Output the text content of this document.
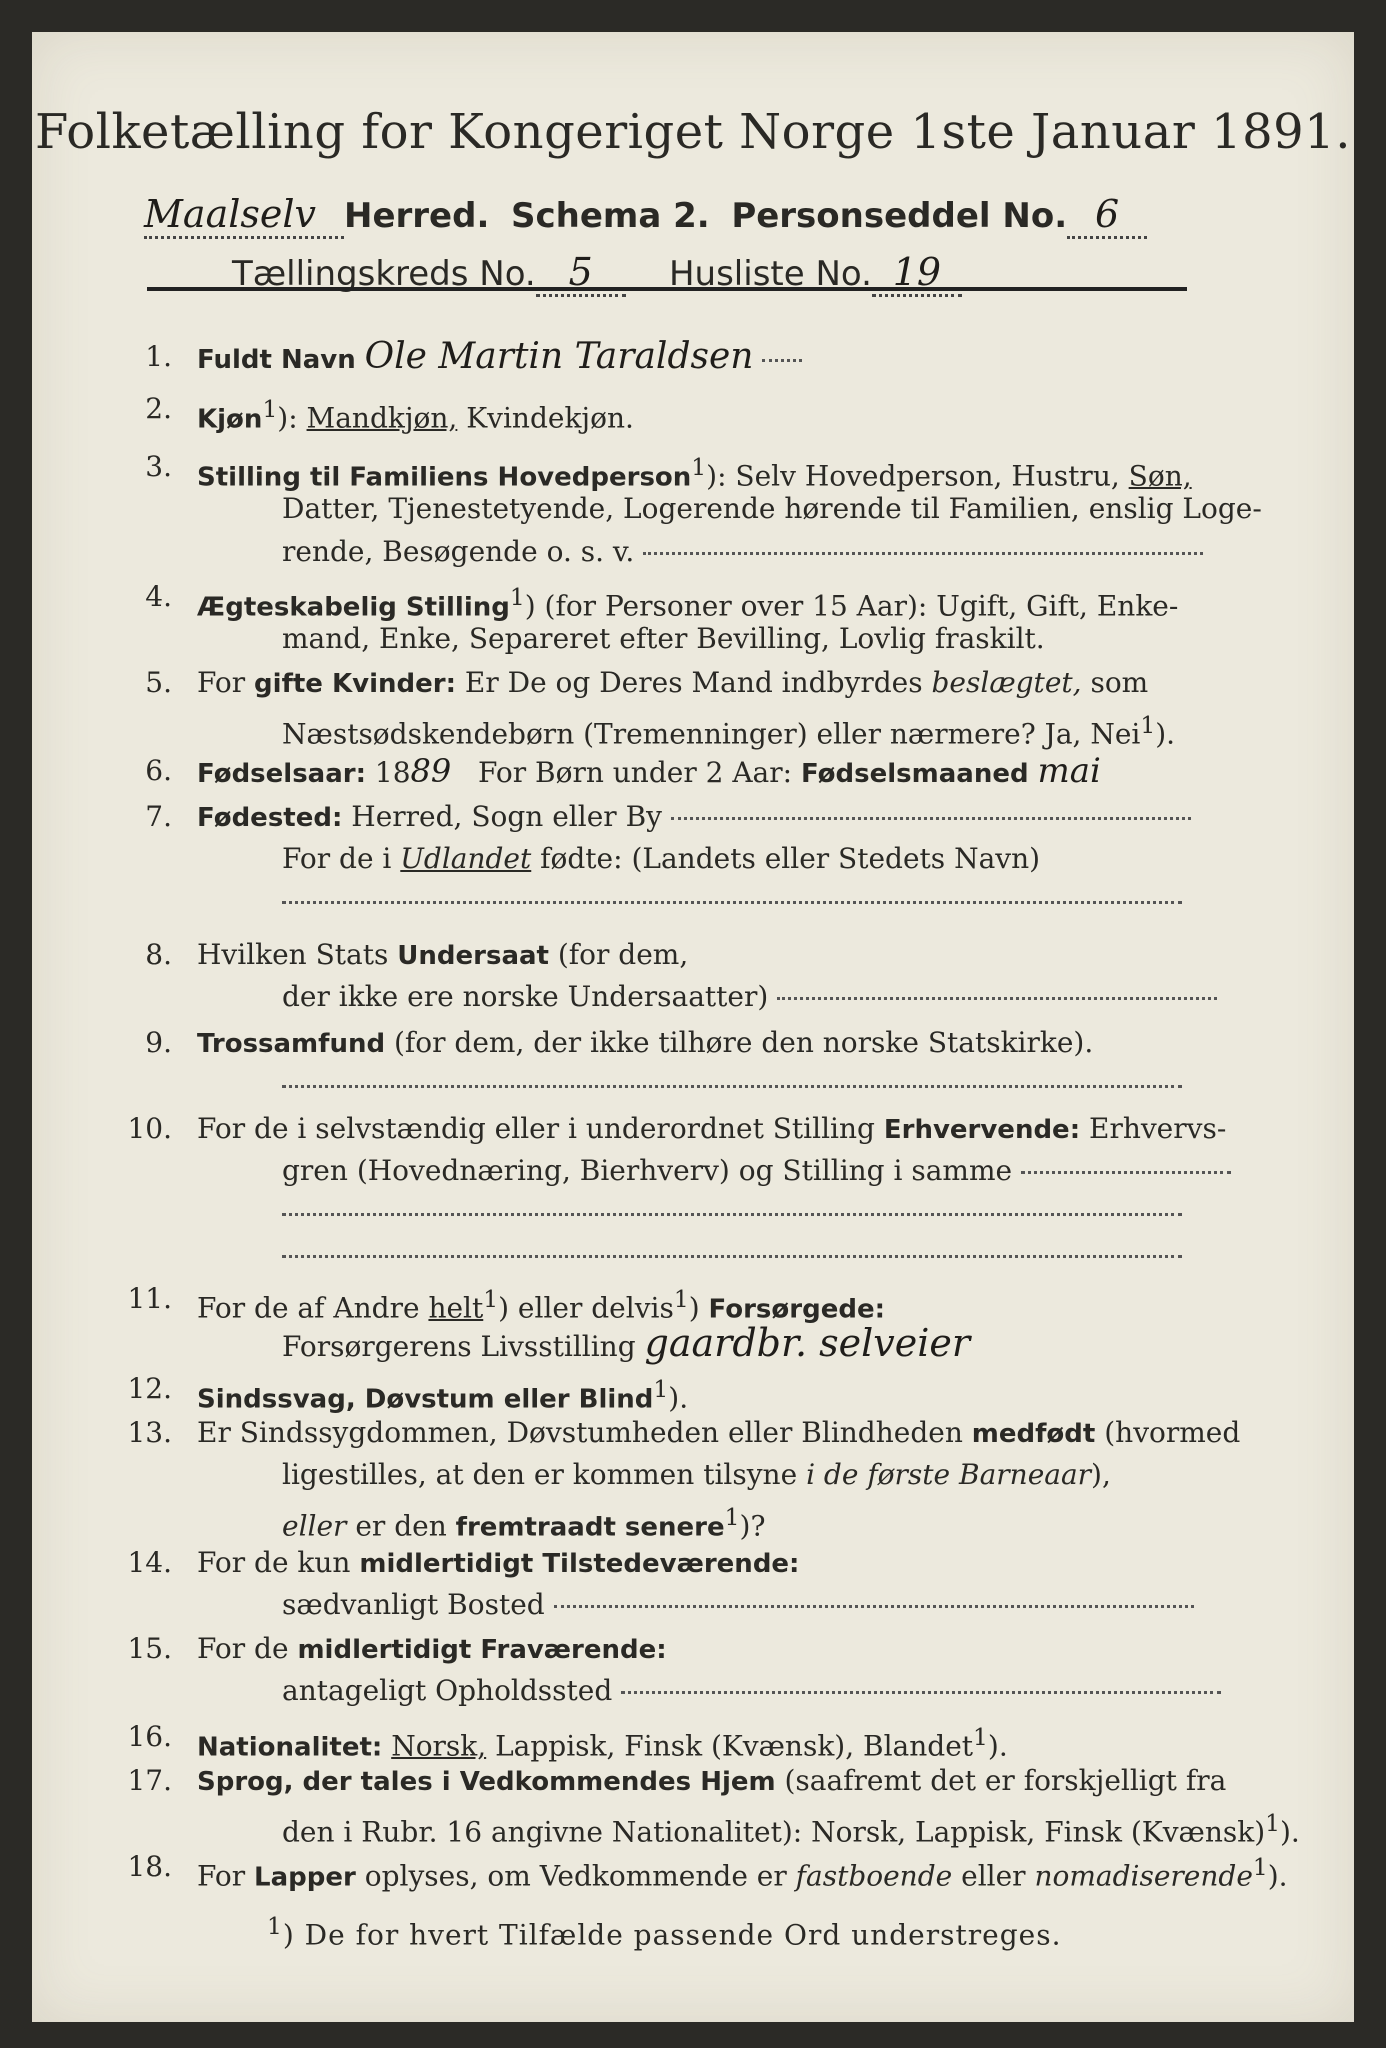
Folketælling for Kongeriget Norge 1ste Januar 1891.
Maalselv Herred. Schema 2. Personseddel No. 6
Tællingskreds No. 5 Husliste No. 19
1. Fuldt Navn Ole Martin Taraldsen
2. Kjøn$^1$): Mandkjøn, Kvindekjøn.
3. Stilling til Familiens Hovedperson$^1$): Selv Hovedperson, Hustru, Søn,
Datter, Tjenestetyende, Logerende hørende til Familien, enslig Loge-
rende, Besøgende o. s. v.
4. Ægteskabelig Stilling$^1$) (for Personer over 15 Aar): Ugift, Gift, Enke-
mand, Enke, Separeret efter Bevilling, Lovlig fraskilt.
5. For gifte Kvinder: Er De og Deres Mand indbyrdes beslægtet, som
Næstsødskendebørn (Tremenninger) eller nærmere? Ja, Nei$^1$).
6. Fødselsaar: 1889 For Børn under 2 Aar: Fødselsmaaned mai
7. Fødested: Herred, Sogn eller By
For de i Udlandet fødte: (Landets eller Stedets Navn)
8. Hvilken Stats Undersaat (for dem,
der ikke ere norske Undersaatter)
9. Trossamfund (for dem, der ikke tilhøre den norske Statskirke).
10. For de i selvstændig eller i underordnet Stilling Erhvervende: Erhvervs-
gren (Hovednæring, Bierhverv) og Stilling i samme
11. For de af Andre helt$^1$) eller delvis$^1$) Forsørgede:
Forsørgerens Livsstilling gaardbr. selveier
12. Sindssvag, Døvstum eller Blind$^1$).
13. Er Sindssygdommen, Døvstumheden eller Blindheden medfødt (hvormed
ligestilles, at den er kommen tilsyne i de første Barneaar),
eller er den fremtraadt senere$^1$)?
14. For de kun midlertidigt Tilstedeværende:
sædvanligt Bosted
15. For de midlertidigt Fraværende:
antageligt Opholdssted
16. Nationalitet: Norsk, Lappisk, Finsk (Kvænsk), Blandet$^1$).
17. Sprog, der tales i Vedkommendes Hjem (saafremt det er forskjelligt fra
den i Rubr. 16 angivne Nationalitet): Norsk, Lappisk, Finsk (Kvænsk)$^1$).
18. For Lapper oplyses, om Vedkommende er fastboende eller nomadiserende$^1$).
$^1$) De for hvert Tilfælde passende Ord understreges.
